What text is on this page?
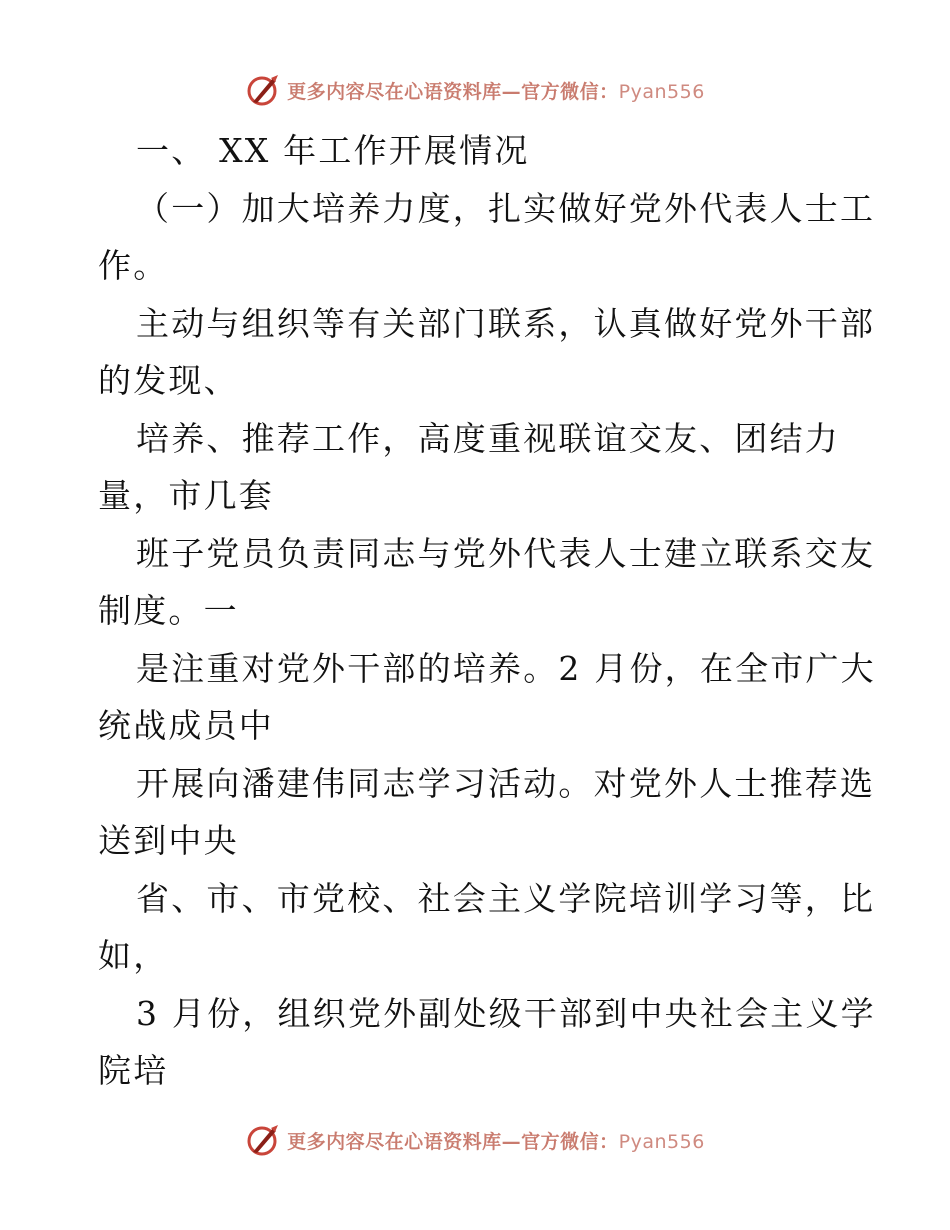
更多内容尽在心语资料库—官方微信：Pyan556
一、 XX 年工作开展情况
（一）加大培养力度，扎实做好党外代表人士工
作。
主动与组织等有关部门联系，认真做好党外干部
的发现、
培养、推荐工作，高度重视联谊交友、团结力
量，市几套
班子党员负责同志与党外代表人士建立联系交友
制度。一
是注重对党外干部的培养。2 月份，在全市广大
统战成员中
开展向潘建伟同志学习活动。对党外人士推荐选
送到中央
省、市、市党校、社会主义学院培训学习等，比
如，
3 月份，组织党外副处级干部到中央社会主义学
院培
更多内容尽在心语资料库—官方微信：Pyan556
